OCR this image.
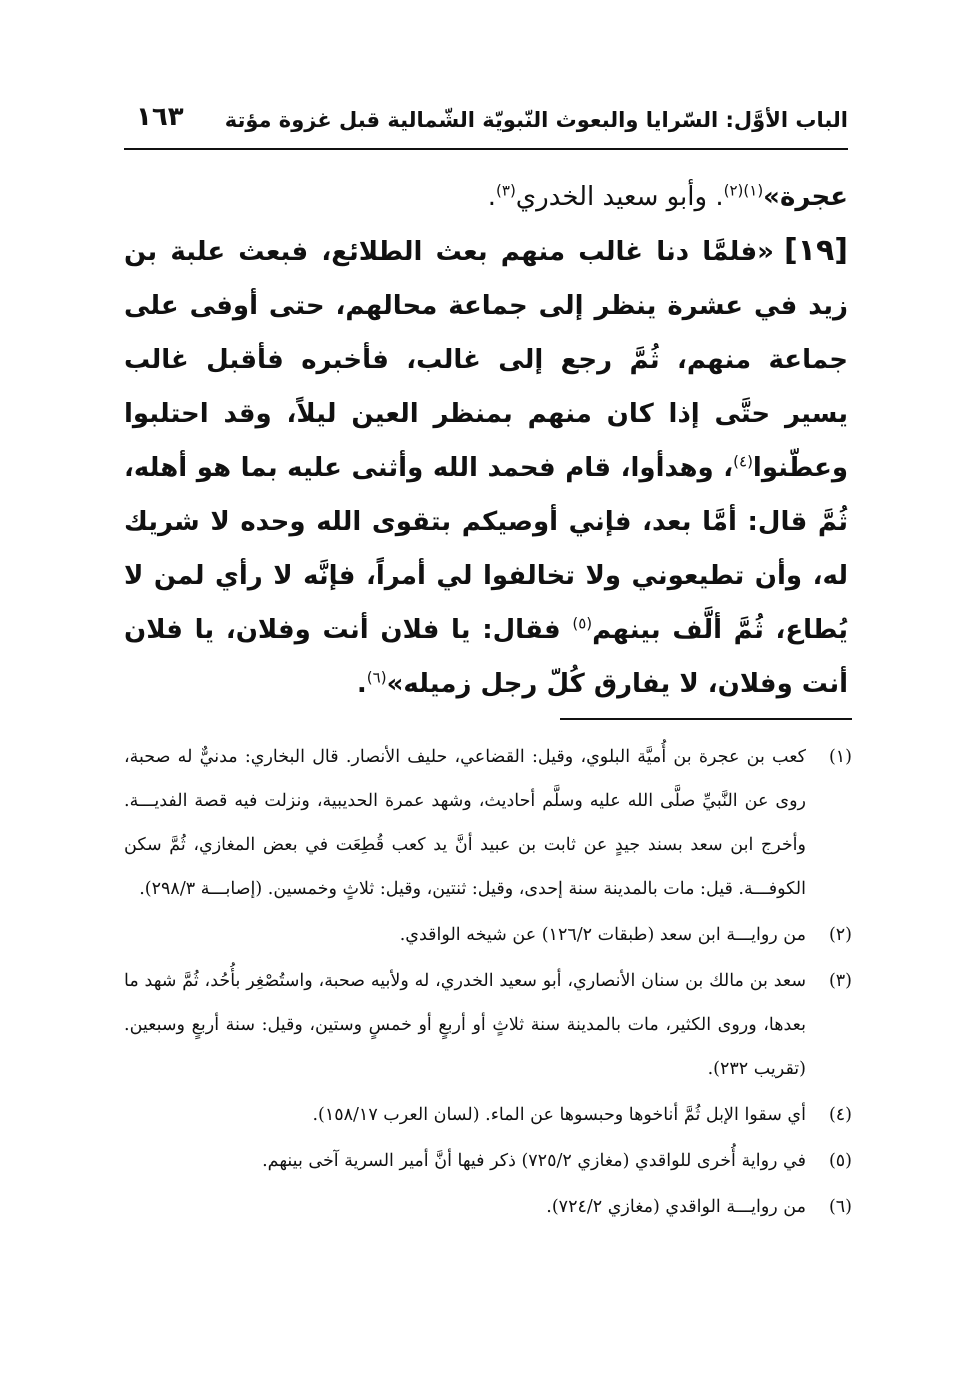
الباب الأوَّل: السّرايا والبعوث النّبويّة الشّمالية قبل غزوة مؤتة
١٦٣
عجرة»$^{(١)(٢)}$. وأبو سعيد الخدري$^{(٣)}$.
[١٩]«فلمَّا دنا غالب منهم بعث الطلائع، فبعث علبة بن زيد في عشرة ينظر إلى جماعة محالهم، حتى أوفى على جماعة منهم، ثُمَّ رجع إلى غالب، فأخبره فأقبل غالب يسير حتَّى إذا كان منهم بمنظر العين ليلاً، وقد احتلبوا وعطّنوا$^{(٤)}$، وهدأوا، قام فحمد الله وأثنى عليه بما هو أهله، ثُمَّ قال: أمَّا بعد، فإني أوصيكم بتقوى الله وحده لا شريك له، وأن تطيعوني ولا تخالفوا لي أمراً، فإنَّه لا رأي لمن لا يُطاع، ثُمَّ ألَّف بينهم$^{(٥)}$ فقال: يا فلان أنت وفلان، يا فلان أنت وفلان، لا يفارق كُلّ رجل زميله»$^{(٦)}$.
(١)
كعب بن عجرة بن أُميَّة البلوي، وقيل: القضاعي، حليف الأنصار. قال البخاري: مدنيٌّ له صحبة، روى عن النَّبيِّ صلَّى الله عليه وسلَّم أحاديث، وشهد عمرة الحديبية، ونزلت فيه قصة الفديـــة. وأخرج ابن سعد بسند جيدٍ عن ثابت بن عبيد أنَّ يد كعب قُطِعَت في بعض المغازي، ثُمَّ سكن الكوفـــة. قيل: مات بالمدينة سنة إحدى، وقيل: ثنتين، وقيل: ثلاثٍ وخمسين. (إصابـــة ٢٩٨/٣).
(٢)
من روايـــة ابن سعد (طبقات ١٢٦/٢) عن شيخه الواقدي.
(٣)
سعد بن مالك بن سنان الأنصاري، أبو سعيد الخدري، له ولأبيه صحبة، واستُصْغِر بأُحُد، ثُمَّ شهد ما بعدها، وروى الكثير، مات بالمدينة سنة ثلاثٍ أو أربعٍ أو خمسٍ وستين، وقيل: سنة أربعٍ وسبعين. (تقريب ٢٣٢).
(٤)
أي سقوا الإبل ثُمَّ أناخوها وحبسوها عن الماء. (لسان العرب ١٥٨/١٧).
(٥)
في رواية أُخرى للواقدي (مغازي ٧٢٥/٢) ذكر فيها أنَّ أمير السرية آخى بينهم.
(٦)
من روايـــة الواقدي (مغازي ٧٢٤/٢).
